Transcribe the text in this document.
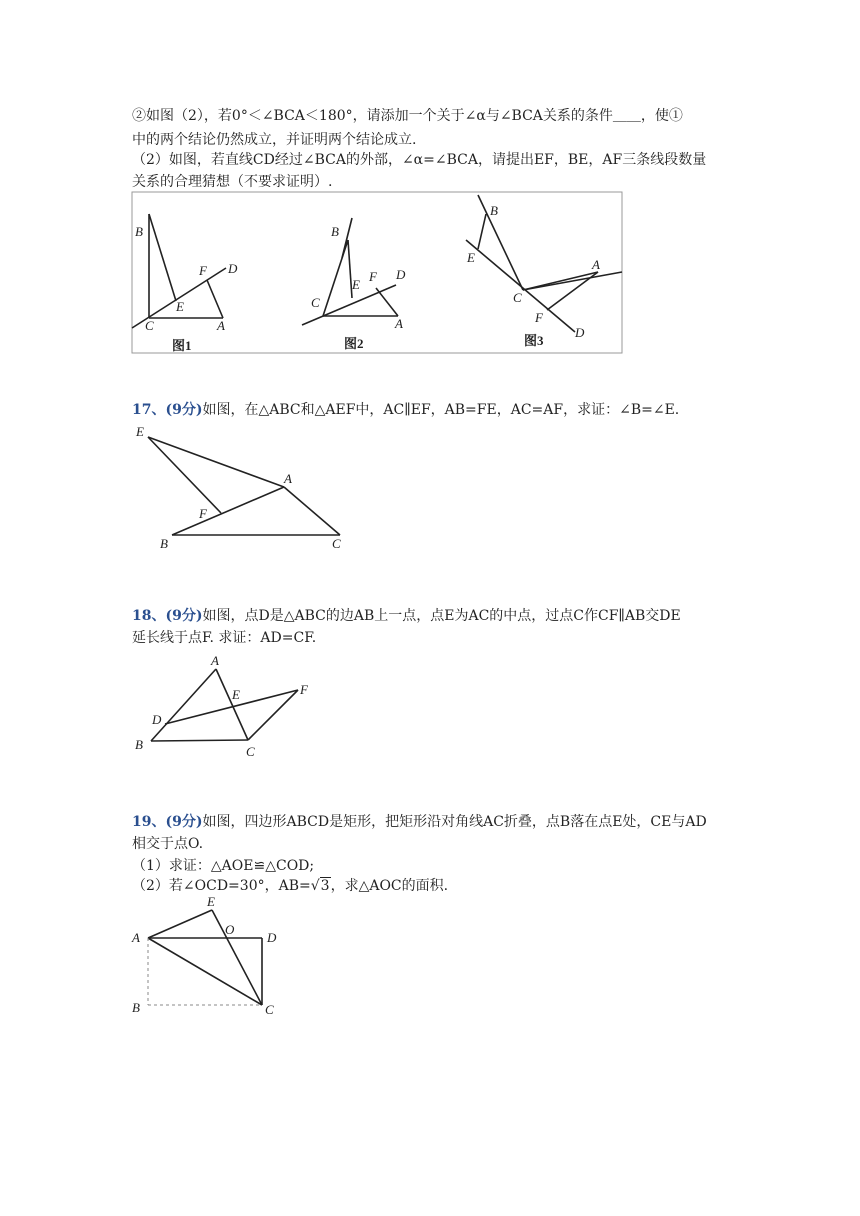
②如图（2），若0°＜∠BCA＜180°，请添加一个关于∠α与∠BCA关系的条件＿＿，使①
中的两个结论仍然成立，并证明两个结论成立.
（2）如图，若直线CD经过∠BCA的外部，∠α=∠BCA，请提出EF，BE，AF三条线段数量
关系的合理猜想（不要求证明）.
B
F D
E
C	A
图1
B
E
F D
C
A
图2
B
E	A
C
F
D
图3
17、(9分)如图，在△ABC和△AEF中，AC∥EF，AB=FE，AC=AF，求证：∠B=∠E.
E
A
F
B	C
18、(9分)如图，点D是△ABC的边AB上一点，点E为AC的中点，过点C作CF∥AB交DE
延长线于点F. 求证：AD=CF.
A
E	F
D
B	C
19、(9分)如图，四边形ABCD是矩形，把矩形沿对角线AC折叠，点B落在点E处，CE与AD
相交于点O.
（1）求证：△AOE≌△COD;
（2）若∠OCD=30°，AB=√3，求△AOC的面积.
E
A
O
D
B	C
